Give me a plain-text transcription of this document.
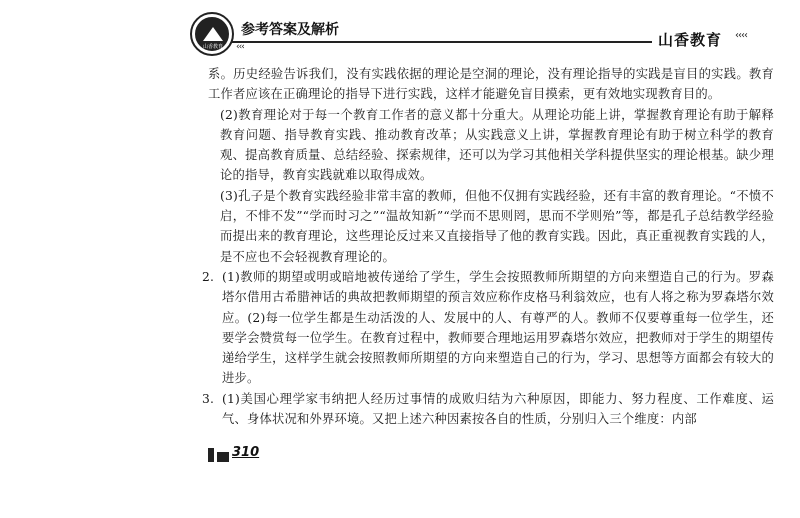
山香教育
参考答案及解析
‹‹‹	山香教育 ‹‹‹‹

系。历史经验告诉我们，没有实践依据的理论是空洞的理论，没有理论指导的实践是盲目的实践。教育工作者应该在正确理论的指导下进行实践，这样才能避免盲目摸索，更有效地实现教育目的。

(2)教育理论对于每一个教育工作者的意义都十分重大。从理论功能上讲，掌握教育理论有助于解释教育问题、指导教育实践、推动教育改革；从实践意义上讲，掌握教育理论有助于树立科学的教育观、提高教育质量、总结经验、探索规律，还可以为学习其他相关学科提供坚实的理论根基。缺少理论的指导，教育实践就难以取得成效。

(3)孔子是个教育实践经验非常丰富的教师，但他不仅拥有实践经验，还有丰富的教育理论。“不愤不启，不悱不发”“学而时习之”“温故知新”“学而不思则罔，思而不学则殆”等，都是孔子总结教学经验而提出来的教育理论，这些理论反过来又直接指导了他的教育实践。因此，真正重视教育实践的人，是不应也不会轻视教育理论的。

2. (1)教师的期望或明或暗地被传递给了学生，学生会按照教师所期望的方向来塑造自己的行为。罗森塔尔借用古希腊神话的典故把教师期望的预言效应称作皮格马利翁效应，也有人将之称为罗森塔尔效应。(2)每一位学生都是生动活泼的人、发展中的人、有尊严的人。教师不仅要尊重每一位学生，还要学会赞赏每一位学生。在教育过程中，教师要合理地运用罗森塔尔效应，把教师对于学生的期望传递给学生，这样学生就会按照教师所期望的方向来塑造自己的行为，学习、思想等方面都会有较大的进步。
3. (1)美国心理学家韦纳把人经历过事情的成败归结为六种原因，即能力、努力程度、工作难度、运气、身体状况和外界环境。又把上述六种因素按各自的性质，分别归入三个维度：内部
310
